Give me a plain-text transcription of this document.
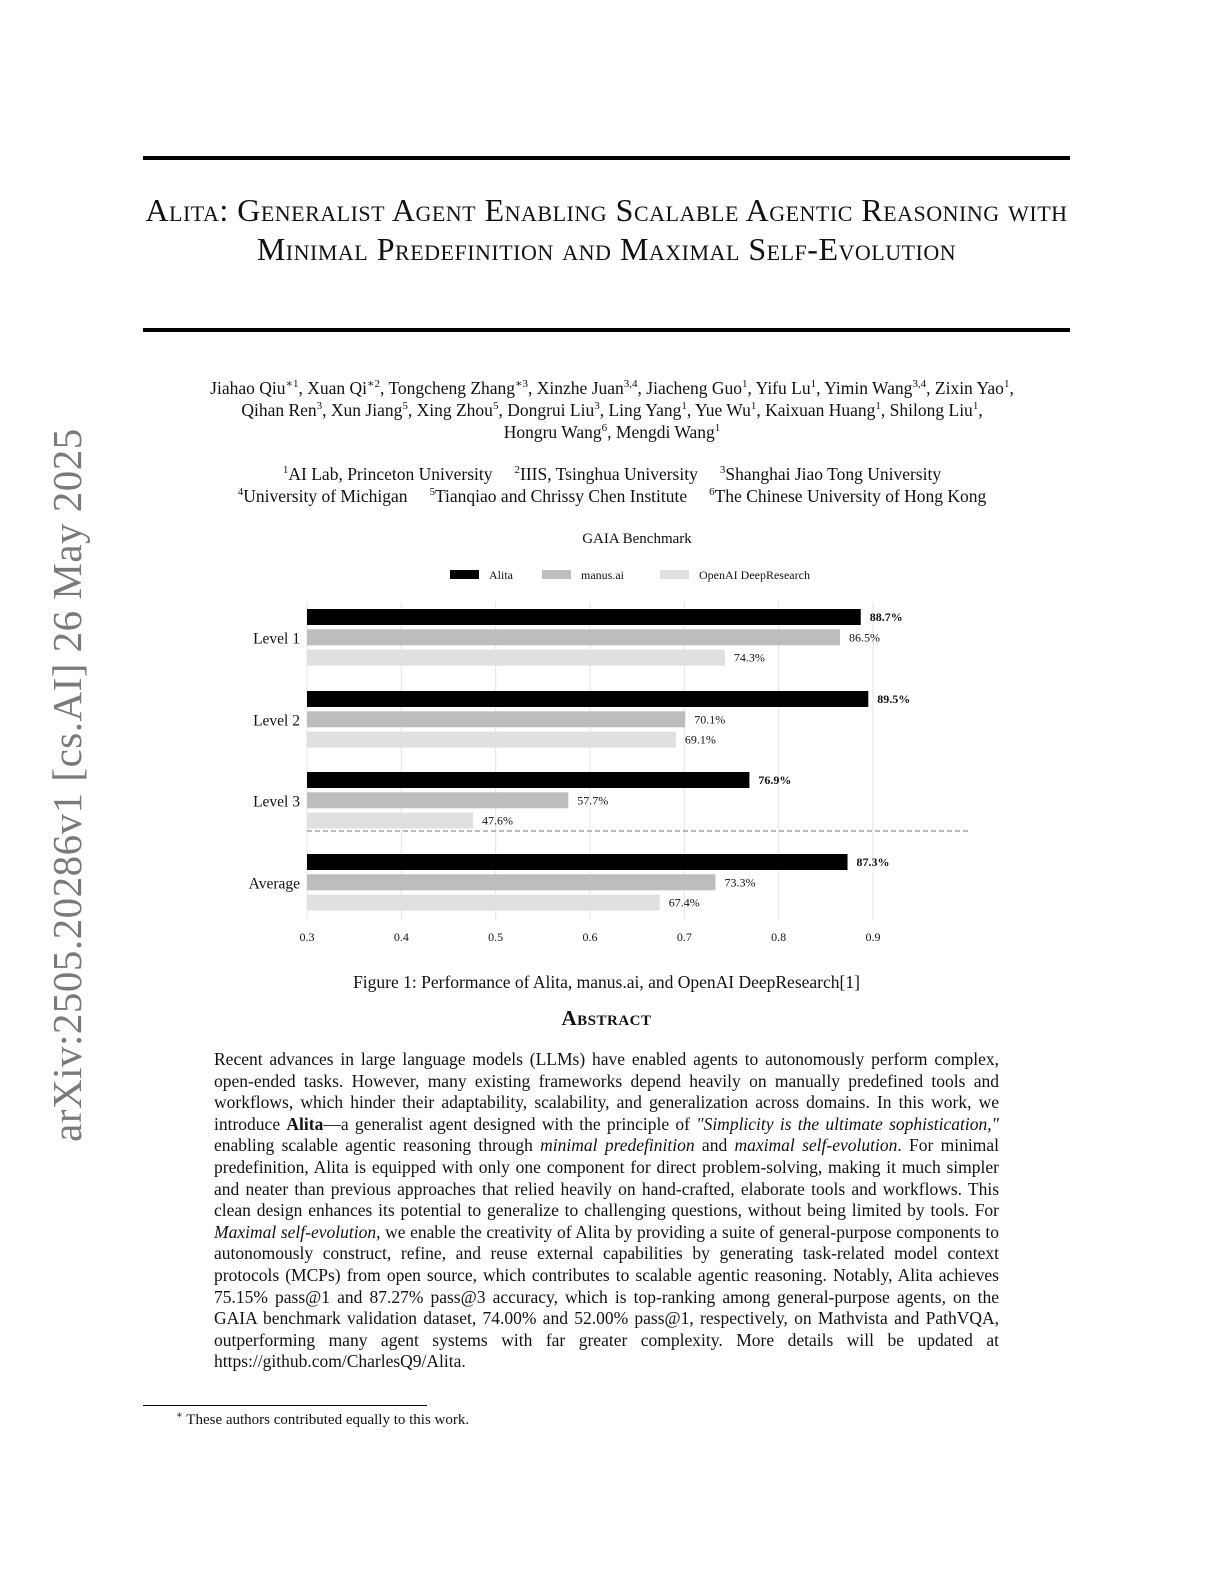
arXiv:2505.20286v1 [cs.AI] 26 May 2025
Alita: Generalist Agent Enabling Scalable Agentic Reasoning with Minimal Predefinition and Maximal Self-Evolution
Jiahao Qiu$^{∗1}$, Xuan $Qi^{∗2}$, Tongcheng Zhang$^{∗3}$, Xinzhe Juan$^{3,4}$, Jiacheng Guo$^1$, Yifu Lu$^1$, Yimin Wang$^{3,4}$, Zixin Yao$^1$,
Qihan Ren$^3$, Xun Jiang$^5$, Xing Zhou$^5$, Dongrui Liu$^3$, Ling Yang$^1$, Yue Wu$^1$, Kaixuan Huang$^1$, Shilong Liu$^1$,
Hongru Wang$^6$, Mengdi Wang$^1$
$^1$AI Lab, Princeton University $^2$IIIS, Tsinghua University $^3$Shanghai Jiao Tong University
$^4$University of Michigan $^5$Tianqiao and Chrissy Chen Institute $^6$The Chinese University of Hong Kong
GAIA Benchmark
Alita	manus.ai	OpenAI DeepResearch
0.3	0.4	0.5	0.6	0.7	0.8	0.9
88.7%
86.5%
74.3%
Level 1
89.5%
70.1%
69.1%
Level 2
76.9%
57.7%
47.6%
Level 3
87.3%
73.3%
67.4%
Average
Figure 1: Performance of Alita, manus.ai, and OpenAI DeepResearch[1]
Abstract

Recent advances in large language models (LLMs) have enabled agents to autonomously perform complex, open-ended tasks. However, many existing frameworks depend heavily on manually predefined tools and workflows, which hinder their adaptability, scalability, and generalization across domains. In this work, we introduce Alita—a generalist agent designed with the principle of "Simplicity is the ultimate sophistication," enabling scalable agentic reasoning through minimal predefinition and maximal self-evolution. For minimal predefinition, Alita is equipped with only one component for direct problem-solving, making it much simpler and neater than previous approaches that relied heavily on hand-crafted, elaborate tools and workflows. This clean design enhances its potential to generalize to challenging questions, without being limited by tools. For Maximal self-evolution, we enable the creativity of Alita by providing a suite of general-purpose components to autonomously construct, refine, and reuse external capabilities by generating task-related model context protocols (MCPs) from open source, which contributes to scalable agentic reasoning. Notably, Alita achieves 75.15% pass@1 and 87.27% pass@3 accuracy, which is top-ranking among general-purpose agents, on the GAIA benchmark validation dataset, 74.00% and 52.00% pass@1, respectively, on Mathvista and PathVQA, outperforming many agent systems with far greater complexity. More details will be updated at https://github.com/CharlesQ9/Alita.

∗ These authors contributed equally to this work.
